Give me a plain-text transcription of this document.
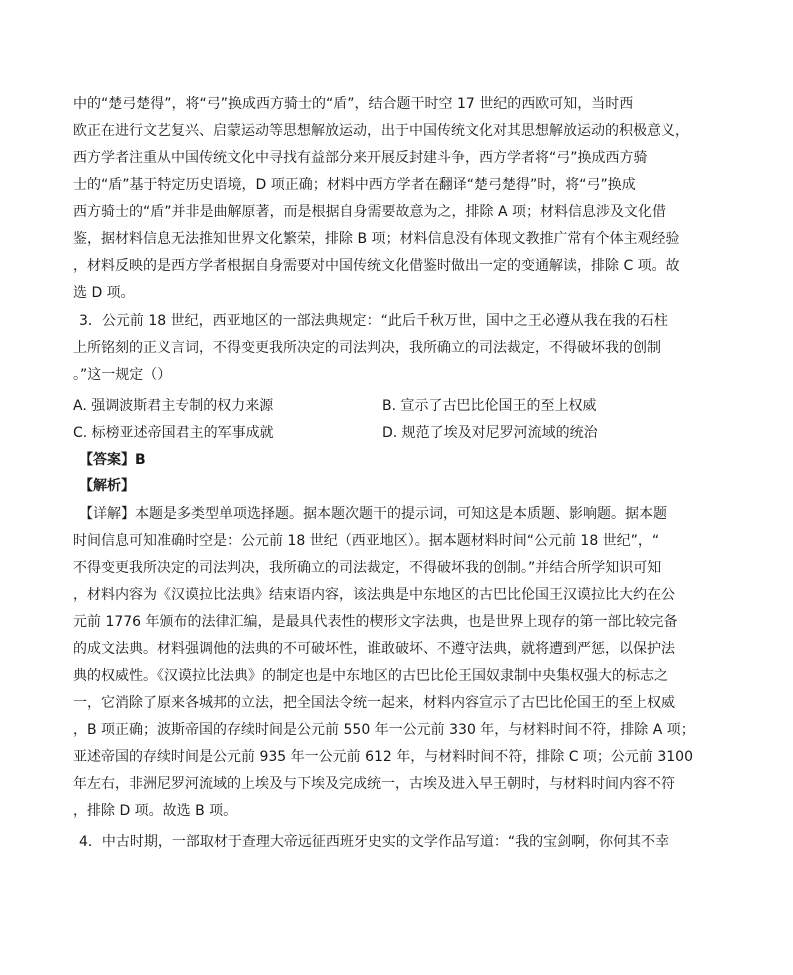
中的“楚弓楚得”，将“弓”换成西方骑士的“盾”，结合题干时空 17 世纪的西欧可知，当时西
欧正在进行文艺复兴、启蒙运动等思想解放运动，出于中国传统文化对其思想解放运动的积极意义，
西方学者注重从中国传统文化中寻找有益部分来开展反封建斗争，西方学者将“弓”换成西方骑
士的“盾”基于特定历史语境，D 项正确；材料中西方学者在翻译“楚弓楚得”时，将“弓”换成
西方骑士的“盾”并非是曲解原著，而是根据自身需要故意为之，排除 A 项；材料信息涉及文化借
鉴，据材料信息无法推知世界文化繁荣，排除 B 项；材料信息没有体现文教推广常有个体主观经验
，材料反映的是西方学者根据自身需要对中国传统文化借鉴时做出一定的变通解读，排除 C 项。故
选 D 项。
3．公元前 18 世纪，西亚地区的一部法典规定：“此后千秋万世，国中之王必遵从我在我的石柱
上所铭刻的正义言词，不得变更我所决定的司法判决，我所确立的司法裁定，不得破坏我的创制
。”这一规定（）
A. 强调波斯君主专制的权力来源	B. 宣示了古巴比伦国王的至上权威
C. 标榜亚述帝国君主的军事成就	D. 规范了埃及对尼罗河流域的统治
【答案】B
【解析】
【详解】本题是多类型单项选择题。据本题次题干的提示词，可知这是本质题、影响题。据本题
时间信息可知准确时空是：公元前 18 世纪（西亚地区）。据本题材料时间“公元前 18 世纪”，“
不得变更我所决定的司法判决，我所确立的司法裁定，不得破坏我的创制。”并结合所学知识可知
，材料内容为《汉谟拉比法典》结束语内容，该法典是中东地区的古巴比伦国王汉谟拉比大约在公
元前 1776 年颁布的法律汇编，是最具代表性的楔形文字法典，也是世界上现存的第一部比较完备
的成文法典。材料强调他的法典的不可破坏性，谁敢破坏、不遵守法典，就将遭到严惩，以保护法
典的权威性。《汉谟拉比法典》的制定也是中东地区的古巴比伦王国奴隶制中央集权强大的标志之
一，它消除了原来各城邦的立法，把全国法令统一起来，材料内容宣示了古巴比伦国王的至上权威
，B 项正确；波斯帝国的存续时间是公元前 550 年一公元前 330 年，与材料时间不符，排除 A 项；
亚述帝国的存续时间是公元前 935 年一公元前 612 年，与材料时间不符，排除 C 项；公元前 3100
年左右，非洲尼罗河流域的上埃及与下埃及完成统一，古埃及进入早王朝时，与材料时间内容不符
，排除 D 项。故选 B 项。
4．中古时期，一部取材于查理大帝远征西班牙史实的文学作品写道：“我的宝剑啊，你何其不幸
